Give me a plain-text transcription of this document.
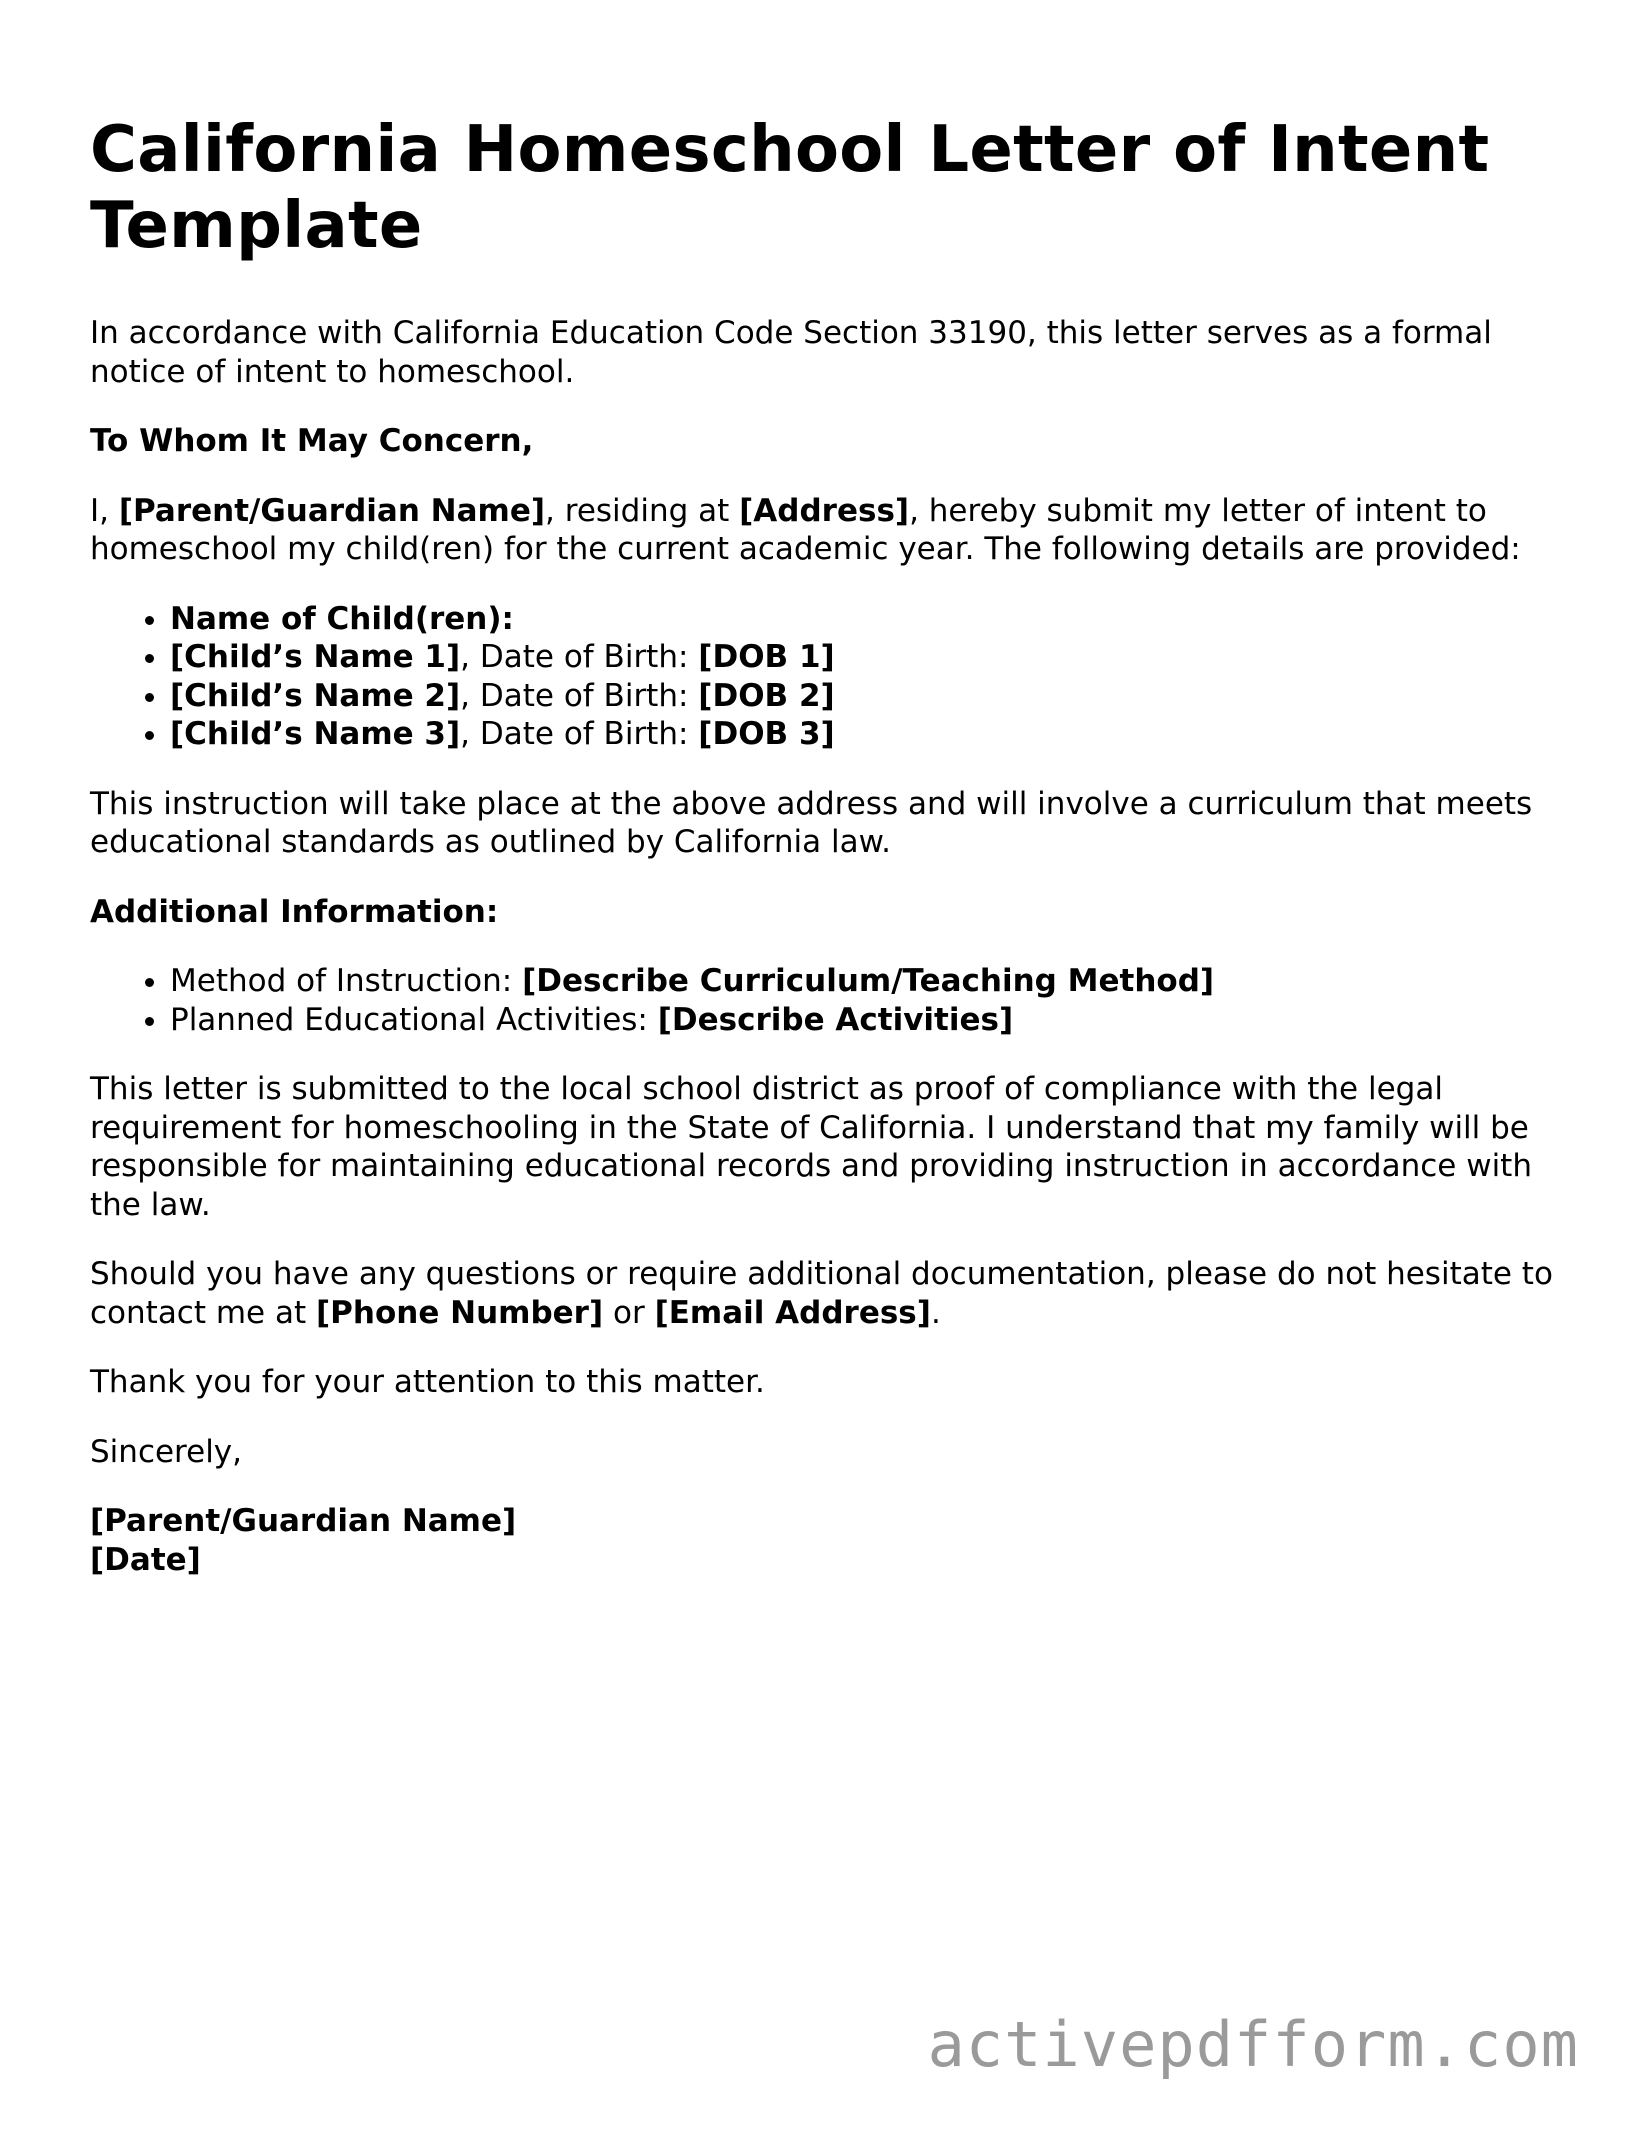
California Homeschool Letter of Intent Template

In accordance with California Education Code Section 33190, this letter serves as a formal notice of intent to homeschool.

To Whom It May Concern,

I, [Parent/Guardian Name], residing at [Address], hereby submit my letter of intent to homeschool my child(ren) for the current academic year. The following details are provided:

• Name of Child(ren):
• [Child’s Name 1], Date of Birth: [DOB 1]
• [Child’s Name 2], Date of Birth: [DOB 2]
• [Child’s Name 3], Date of Birth: [DOB 3]

This instruction will take place at the above address and will involve a curriculum that meets educational standards as outlined by California law.

Additional Information:

• Method of Instruction: [Describe Curriculum/Teaching Method]
• Planned Educational Activities: [Describe Activities]

This letter is submitted to the local school district as proof of compliance with the legal requirement for homeschooling in the State of California. I understand that my family will be responsible for maintaining educational records and providing instruction in accordance with the law.

Should you have any questions or require additional documentation, please do not hesitate to contact me at [Phone Number] or [Email Address].

Thank you for your attention to this matter.

Sincerely,

[Parent/Guardian Name]
[Date]

activepdfform.com
